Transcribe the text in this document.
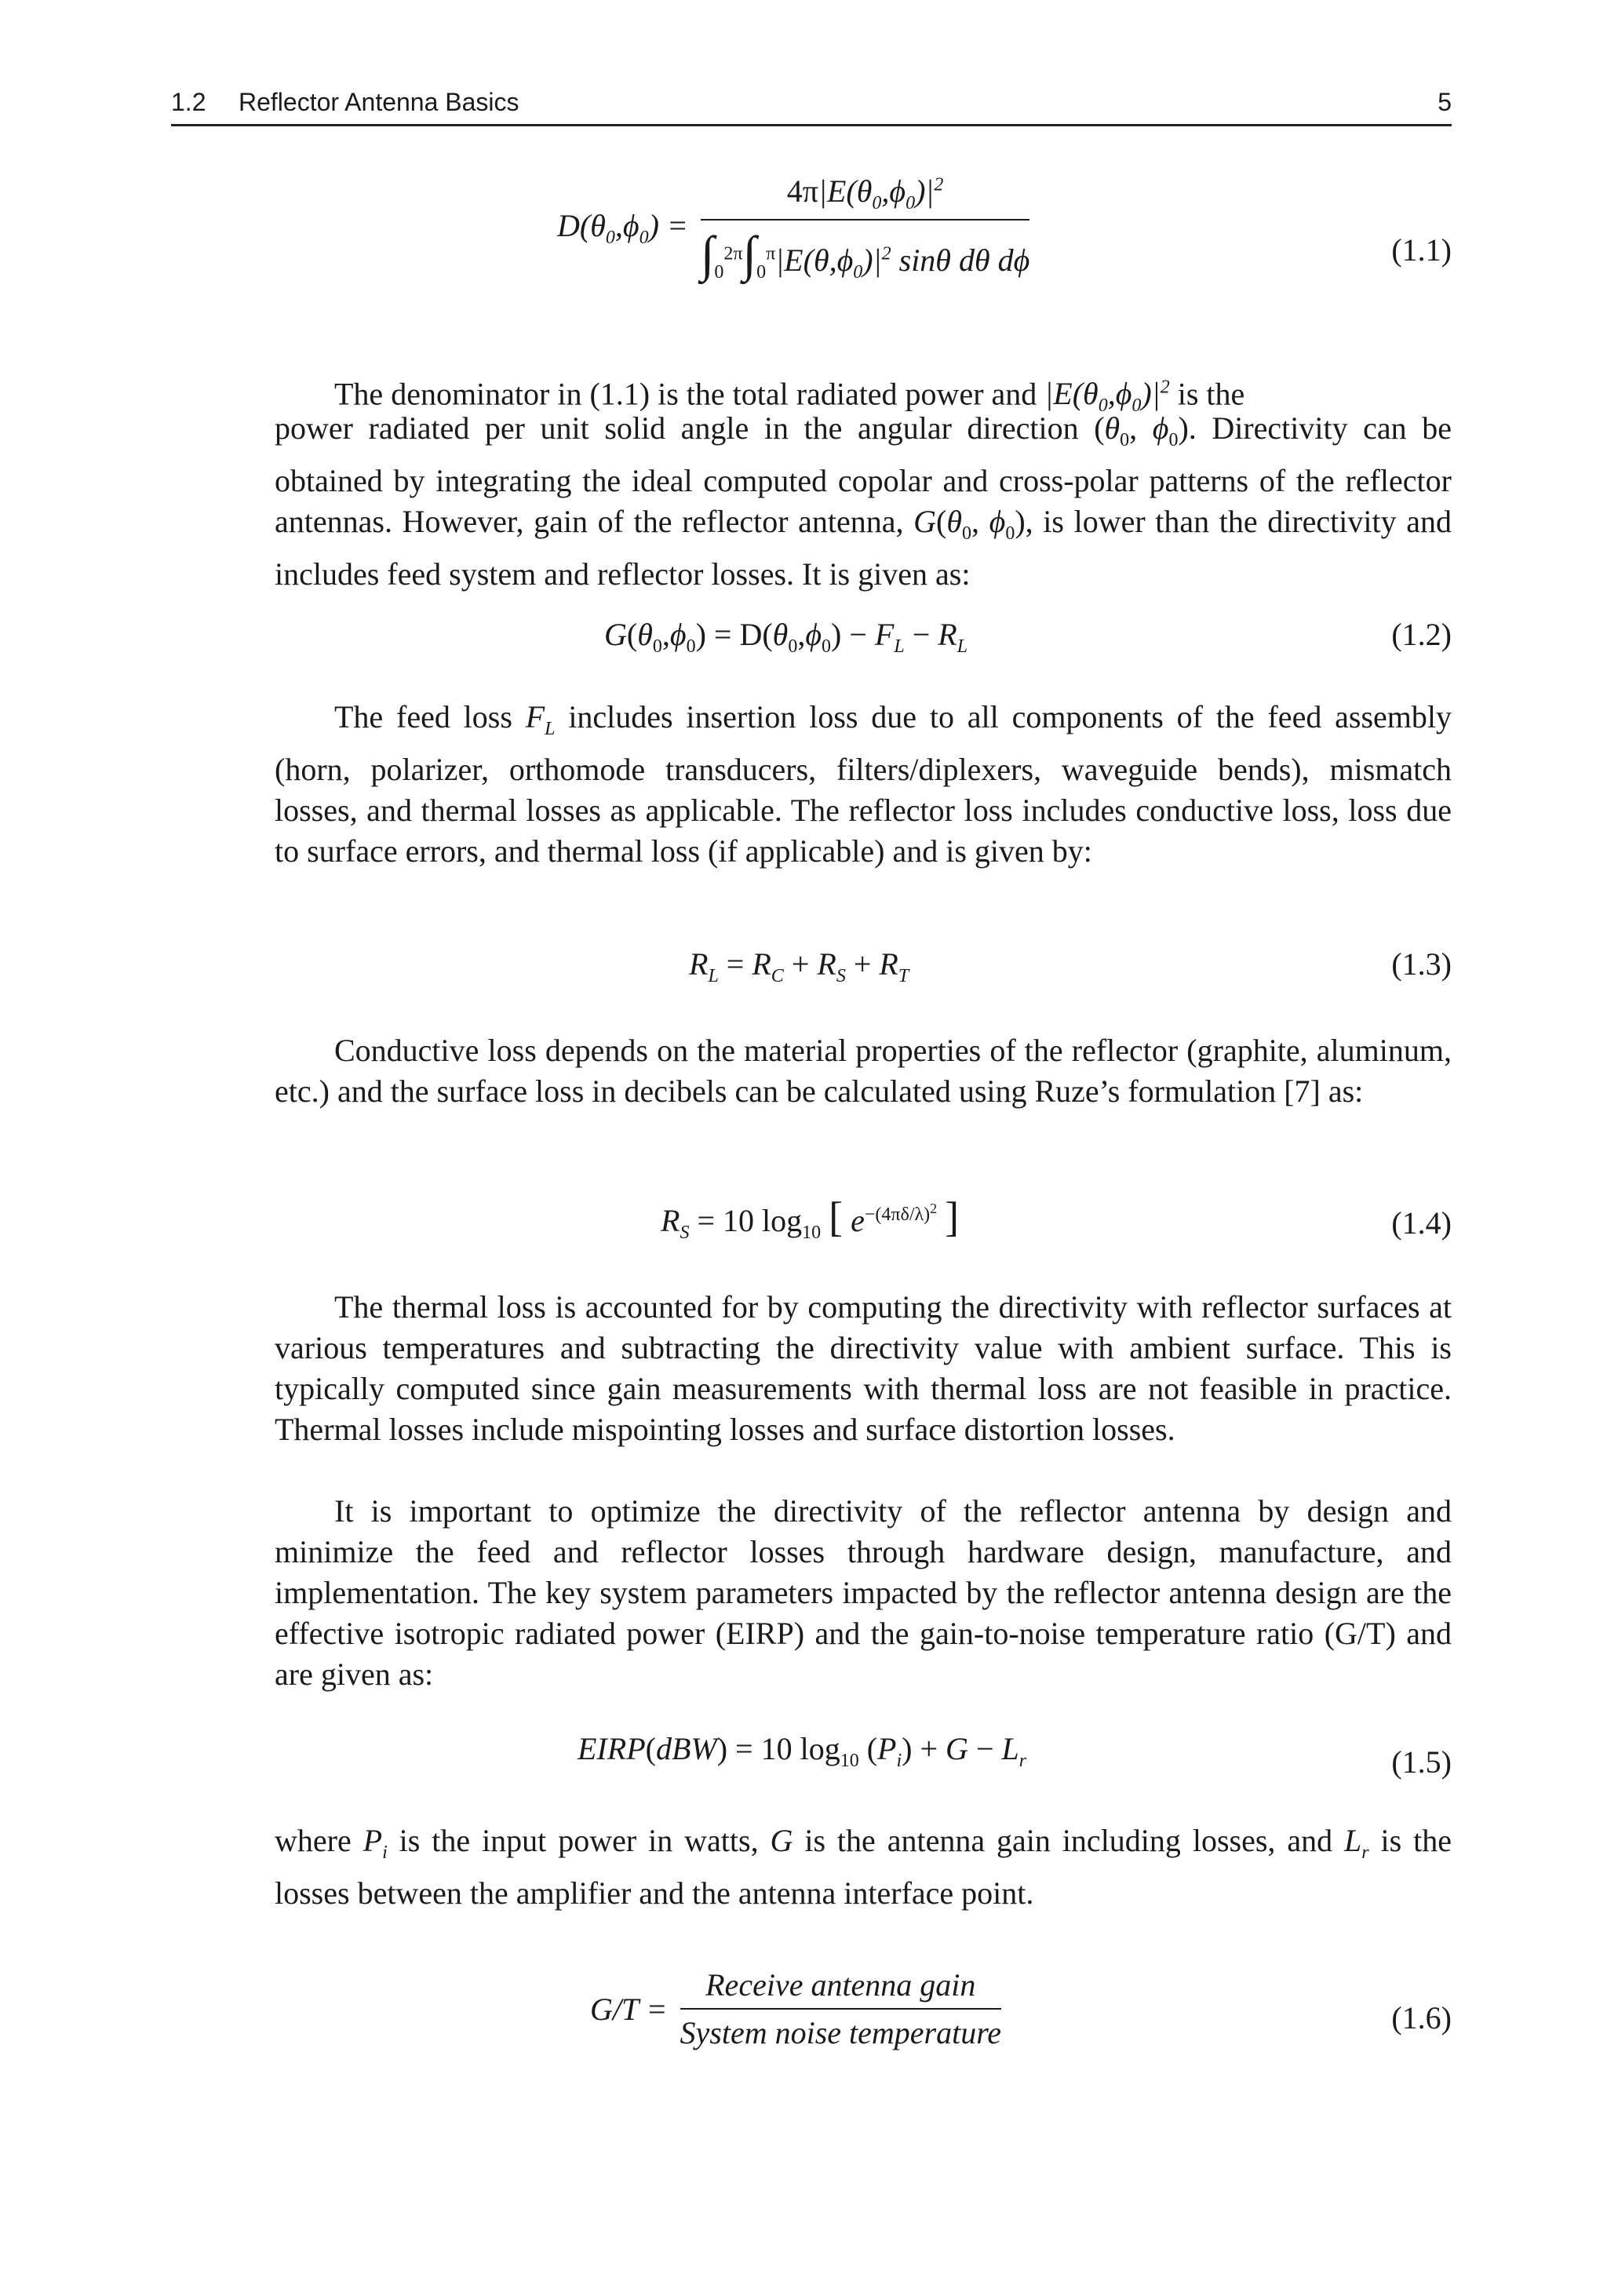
1.2 Reflector Antenna Basics	5
$D(\theta_0,\phi_0) = \frac{4\pi|E(\theta_0,\phi_0)|^2}{\int_0^{2\pi}\int_0^\pi|E(\theta,\phi_0)|^2 \sin\theta d\theta d\phi}$	(1.1)

The denominator in (1.1) is the total radiated power and $|E(\theta_0,\phi_0)|^2$ is the

power radiated per unit solid angle in the angular direction ($\theta_0$, $\phi_0$). Directivity can be obtained by integrating the ideal computed copolar and cross-polar patterns of the reflector antennas. However, gain of the reflector antenna, $G(\theta_0$, $\phi_0$), is lower than the directivity and includes feed system and reflector losses. It is given as:

$G(\theta_0,\phi_0) = D(\theta_0,\phi_0) - F_L - R_L$	(1.2)

The feed loss $F_L$ includes insertion loss due to all components of the feed assembly (horn, polarizer, orthomode transducers, filters/diplexers, waveguide bends), mismatch losses, and thermal losses as applicable. The reflector loss includes conductive loss, loss due to surface errors, and thermal loss (if applicable) and is given by:

$R_L = R_C + R_S + R_T$	(1.3)

Conductive loss depends on the material properties of the reflector (graphite, aluminum, etc.) and the surface loss in decibels can be calculated using Ruze’s formulation [7] as:

$R_S = 10$ $\log_{10}$ [ $e^{-(4\pi\delta/\lambda)^2}$ ]	(1.4)

The thermal loss is accounted for by computing the directivity with reflector surfaces at various temperatures and subtracting the directivity value with ambient surface. This is typically computed since gain measurements with thermal loss are not feasible in practice. Thermal losses include mispointing losses and surface distortion losses.

It is important to optimize the directivity of the reflector antenna by design and minimize the feed and reflector losses through hardware design, manufacture, and implementation. The key system parameters impacted by the reflector antenna design are the effective isotropic radiated power (EIRP) and the gain-to-noise temperature ratio (G/T) and are given as:

EIRP(dBW) = 10 $\log_{10} (P_i) + G - L_r$	(1.5)

where $P_i$ is the input power in watts, G is the antenna gain including losses, and $L_r$ is the losses between the amplifier and the antenna interface point.

$G/T = \frac{\text{Receive antenna gain}}{\text{System noise temperature}}$	(1.6)
